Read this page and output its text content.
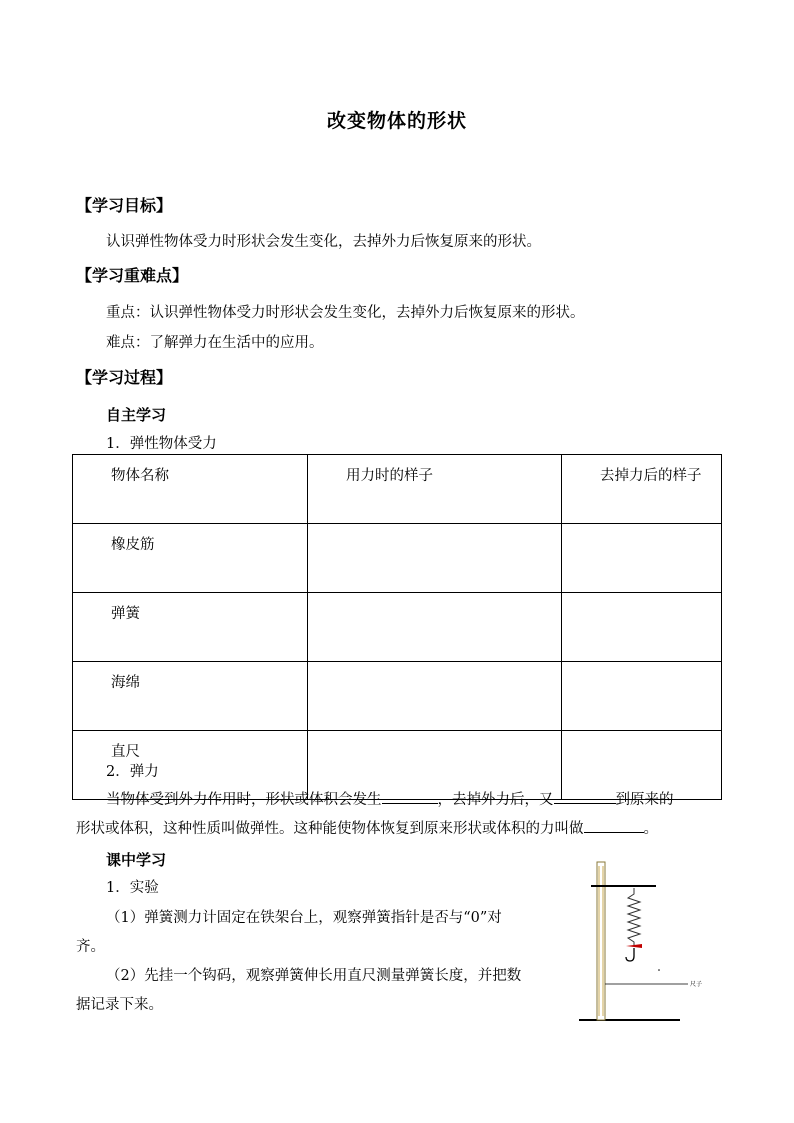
改变物体的形状
【学习目标】
认识弹性物体受力时形状会发生变化，去掉外力后恢复原来的形状。
【学习重难点】
重点：认识弹性物体受力时形状会发生变化，去掉外力后恢复原来的形状。
难点：了解弹力在生活中的应用。
【学习过程】
自主学习
1．弹性物体受力
物体名称	用力时的样子	去掉力后的样子
橡皮筋		
弹簧		
海绵		
直尺		
2．弹力
当物体受到外力作用时，形状或体积会发生	，去掉外力后，又	到原来的
形状或体积，这种性质叫做弹性。这种能使物体恢复到原来形状或体积的力叫做	。
课中学习
1．实验
（1）弹簧测力计固定在铁架台上，观察弹簧指针是否与“0”对
齐。
（2）先挂一个钩码，观察弹簧伸长用直尺测量弹簧长度，并把数
据记录下来。
尺子
